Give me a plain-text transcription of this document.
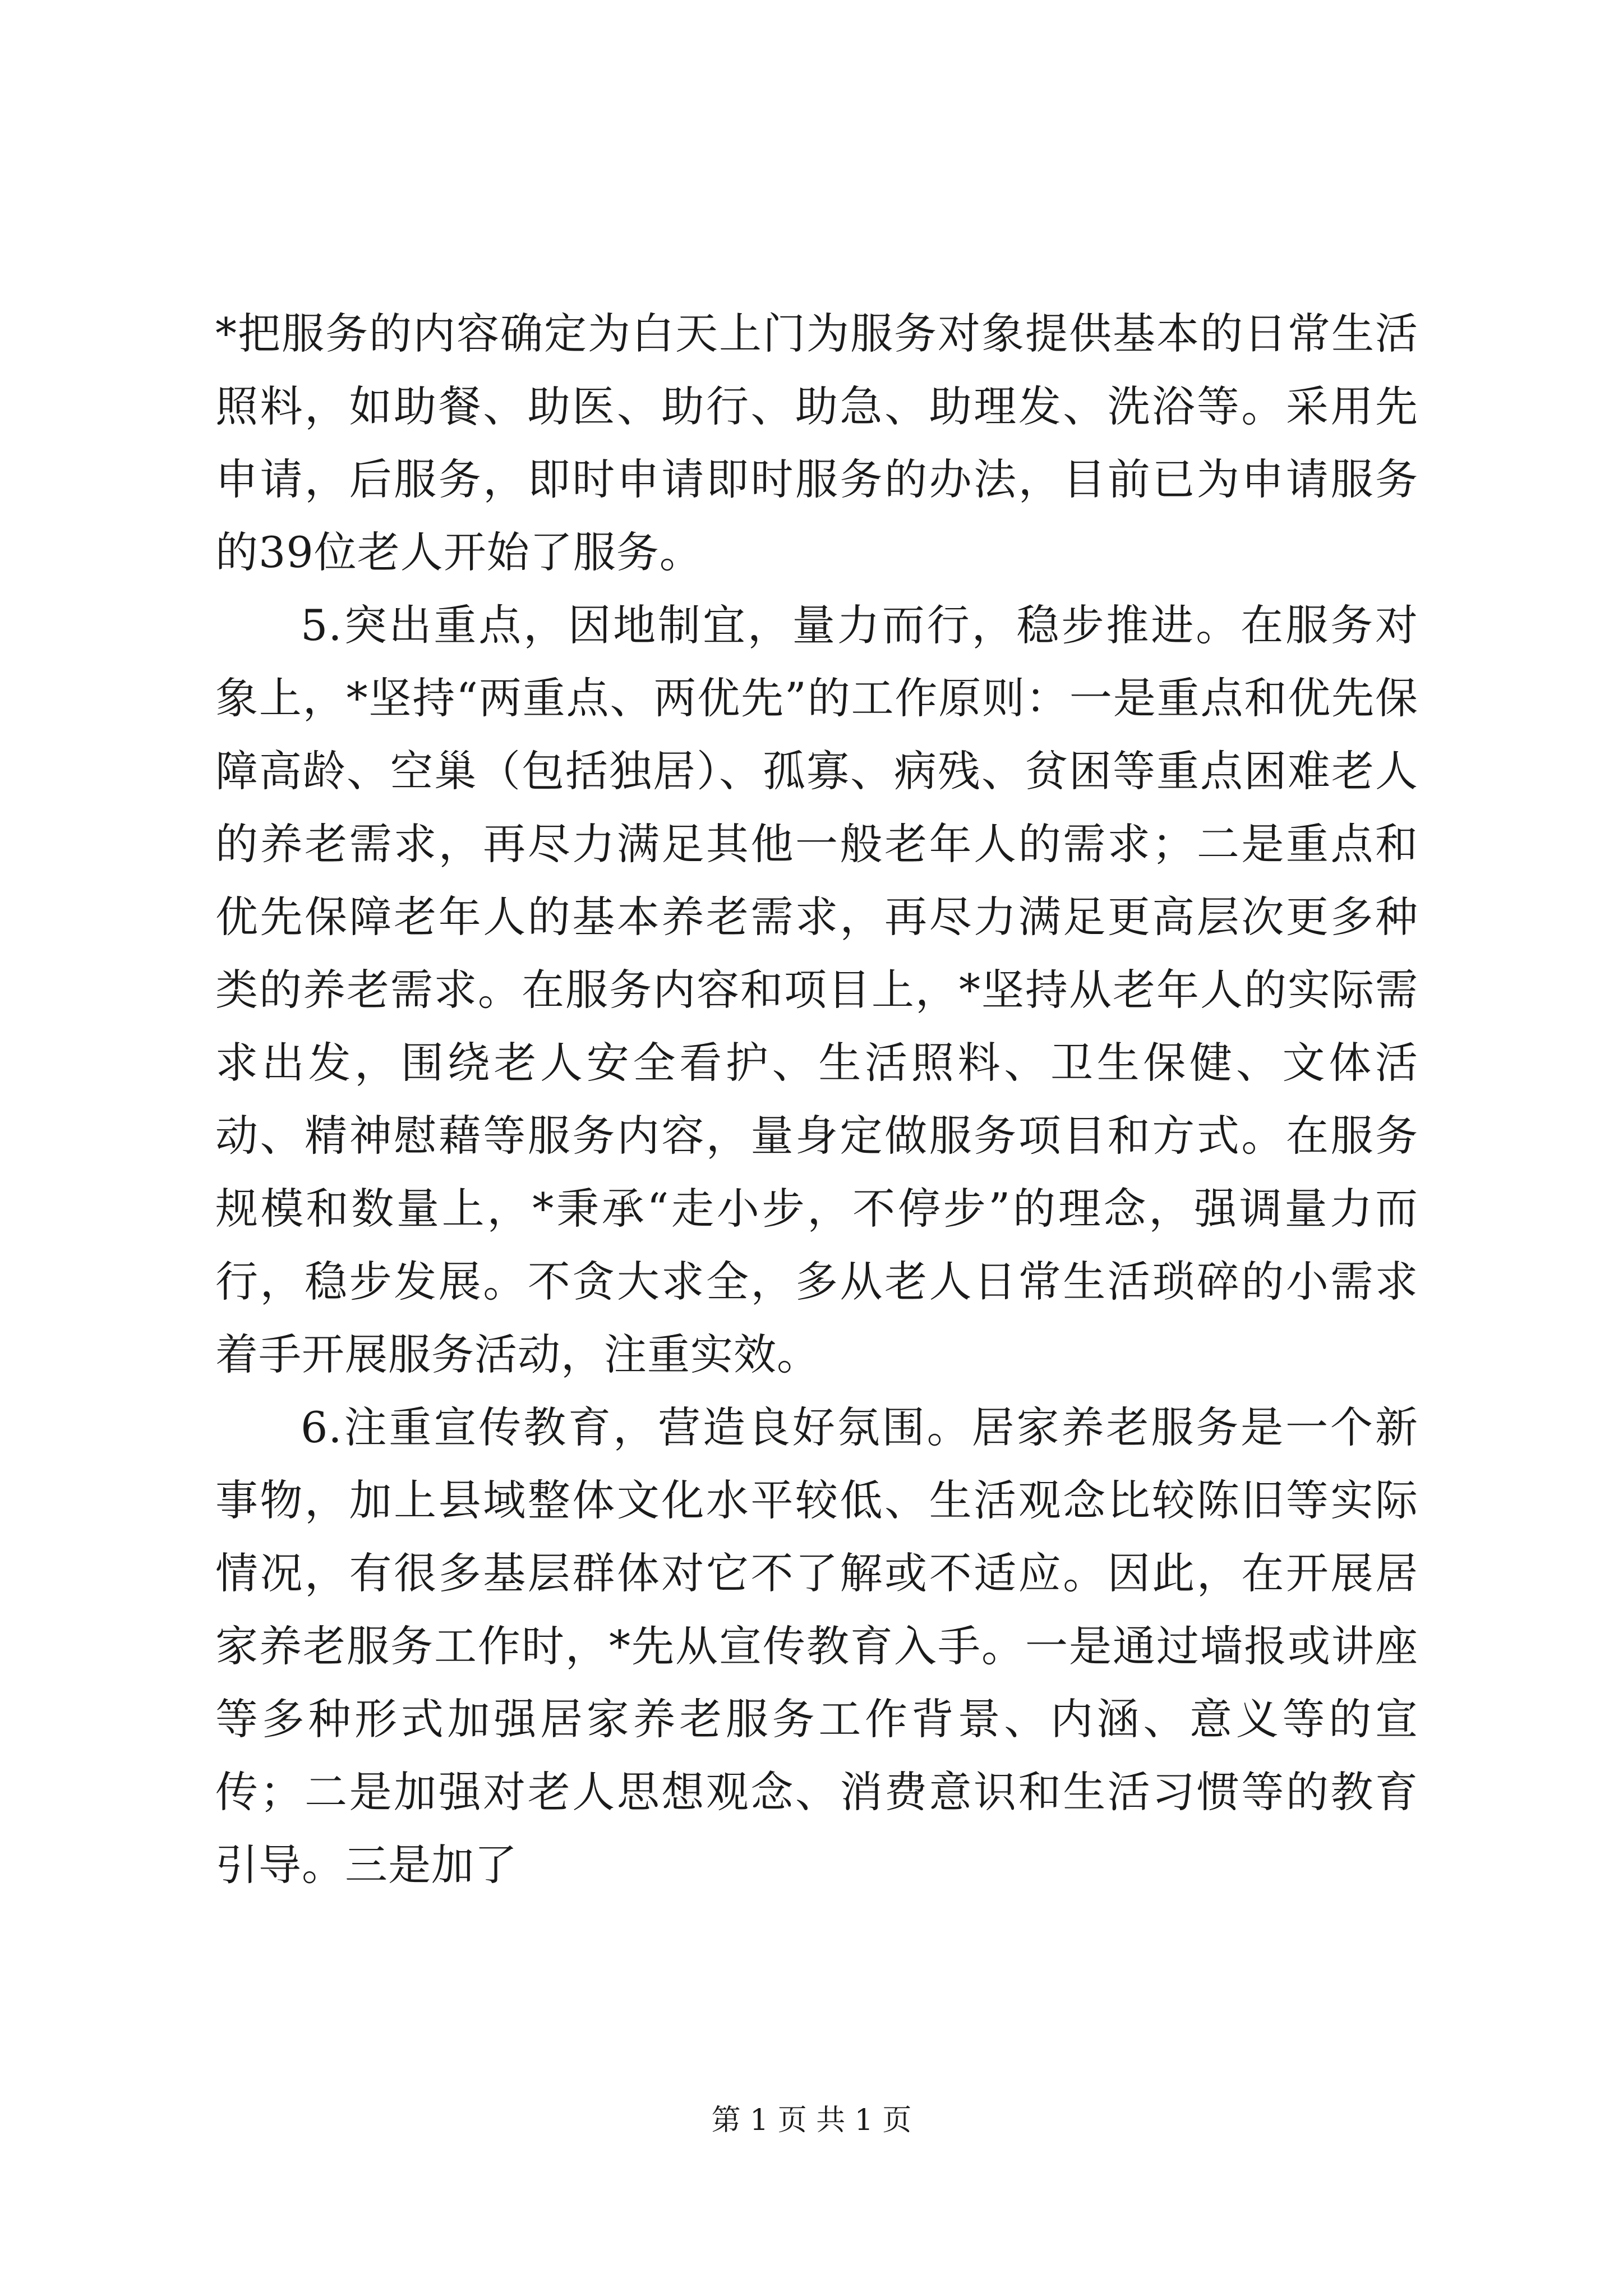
*把服务的内容确定为白天上门为服务对象提供基本的日常生活照料，如助餐、助医、助行、助急、助理发、洗浴等。采用先申请，后服务，即时申请即时服务的办法，目前已为申请服务的39位老人开始了服务。

5.突出重点，因地制宜，量力而行，稳步推进。在服务对象上，*坚持“两重点、两优先”的工作原则：一是重点和优先保障高龄、空巢（包括独居）、孤寡、病残、贫困等重点困难老人的养老需求，再尽力满足其他一般老年人的需求；二是重点和优先保障老年人的基本养老需求，再尽力满足更高层次更多种类的养老需求。在服务内容和项目上，*坚持从老年人的实际需求出发，围绕老人安全看护、生活照料、卫生保健、文体活动、精神慰藉等服务内容，量身定做服务项目和方式。在服务规模和数量上，*秉承“走小步，不停步”的理念，强调量力而行，稳步发展。不贪大求全，多从老人日常生活琐碎的小需求着手开展服务活动，注重实效。

6.注重宣传教育，营造良好氛围。居家养老服务是一个新事物，加上县域整体文化水平较低、生活观念比较陈旧等实际情况，有很多基层群体对它不了解或不适应。因此，在开展居家养老服务工作时，*先从宣传教育入手。一是通过墙报或讲座等多种形式加强居家养老服务工作背景、内涵、意义等的宣传；二是加强对老人思想观念、消费意识和生活习惯等的教育引导。三是加了

第 1 页 共 1 页
